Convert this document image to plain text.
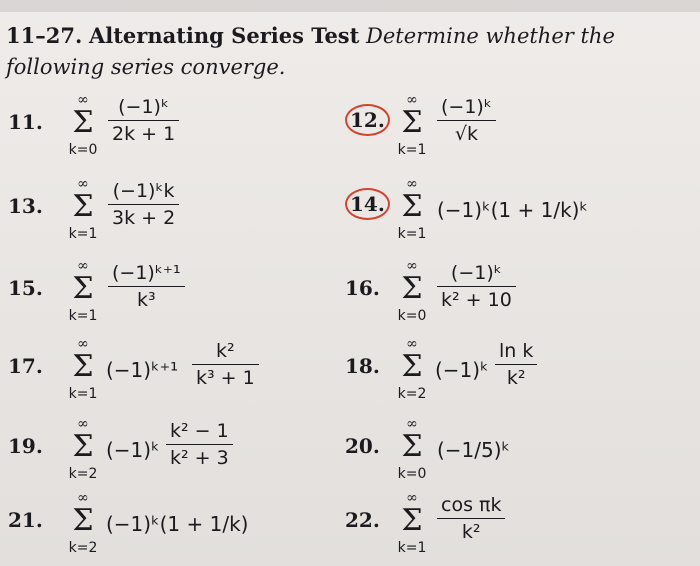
11–27. Alternating Series Test Determine whether the following series converge.
11.
∞
Σ
k=0
$\frac{\text{(−1)ᵏ}}{2k + 1}$	12.
∞
Σ
k=1
$\frac{\text{(−1)ᵏ}}{√k}$
13.
∞
Σ
k=1
$\frac{\text{(−1)ᵏk}}{3k + 2}$	14.
∞
Σ
k=1
(−1)ᵏ(1 + 1/k)ᵏ
15.
∞
Σ
k=1
$\frac{\text{(−1)ᵏ⁺¹}}{\text{k³}}$	16.
∞
Σ
k=0
$\frac{\text{(−1)ᵏ}}{\text{k² + 10}}$
17.
∞
Σ
k=1
(−1)ᵏ⁺¹ $\frac{\text{k²}}{\text{k³ + 1}}$	18.
∞
Σ
k=2
(−1)ᵏ $\frac{\text{ln k}}{\text{k²}}$
19.
∞
Σ
k=2
(−1)ᵏ $\frac{\text{k² − 1}}{\text{k² + 3}}$	20.
∞
Σ
k=0
(−1/5)ᵏ
21.
∞
Σ
k=2
(−1)ᵏ(1 + 1/k)	22.
∞
Σ
k=1
$\frac{\text{cos πk}}{\text{k²}}$
